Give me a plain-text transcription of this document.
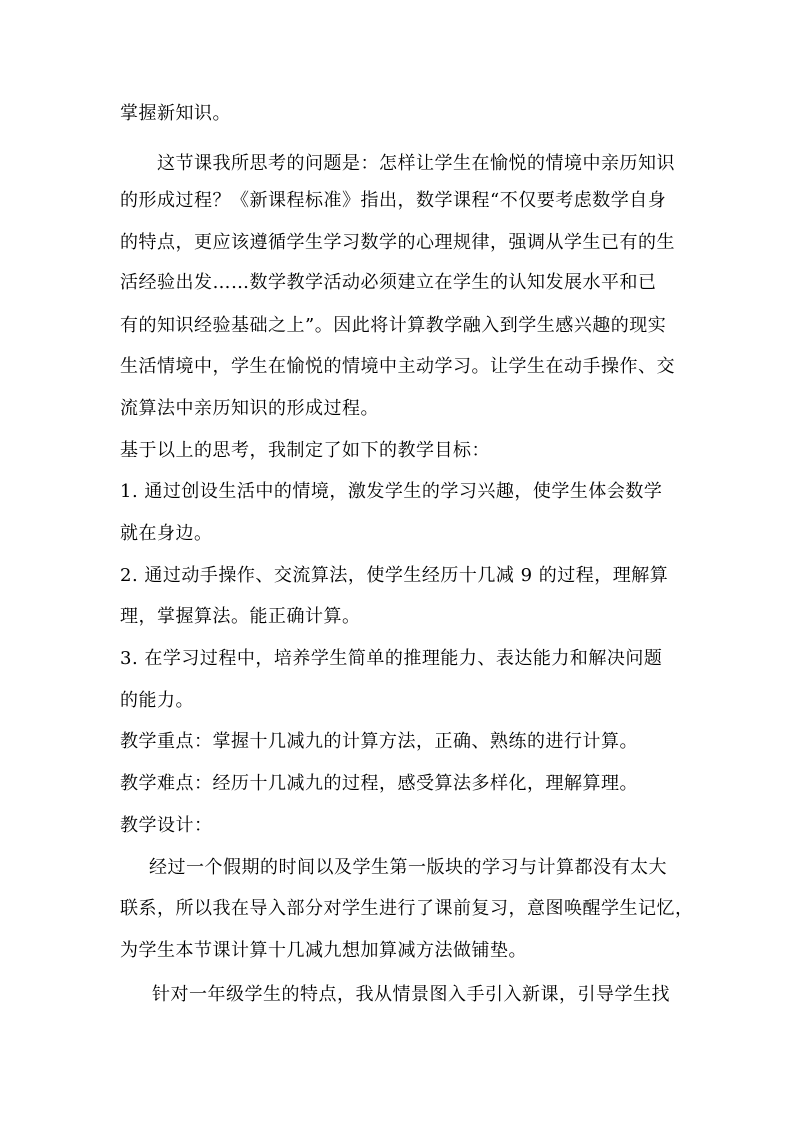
掌握新知识。
这节课我所思考的问题是：怎样让学生在愉悦的情境中亲历知识
的形成过程？《新课程标准》指出，数学课程“不仅要考虑数学自身
的特点，更应该遵循学生学习数学的心理规律，强调从学生已有的生
活经验出发……数学教学活动必须建立在学生的认知发展水平和已
有的知识经验基础之上”。因此将计算教学融入到学生感兴趣的现实
生活情境中，学生在愉悦的情境中主动学习。让学生在动手操作、交
流算法中亲历知识的形成过程。
基于以上的思考，我制定了如下的教学目标：
1. 通过创设生活中的情境，激发学生的学习兴趣，使学生体会数学
就在身边。
2. 通过动手操作、交流算法，使学生经历十几减 9 的过程，理解算
理，掌握算法。能正确计算。
3. 在学习过程中，培养学生简单的推理能力、表达能力和解决问题
的能力。
教学重点：掌握十几减九的计算方法，正确、熟练的进行计算。
教学难点：经历十几减九的过程，感受算法多样化，理解算理。
教学设计：
经过一个假期的时间以及学生第一版块的学习与计算都没有太大
联系，所以我在导入部分对学生进行了课前复习，意图唤醒学生记忆，
为学生本节课计算十几减九想加算减方法做铺垫。
针对一年级学生的特点，我从情景图入手引入新课，引导学生找
